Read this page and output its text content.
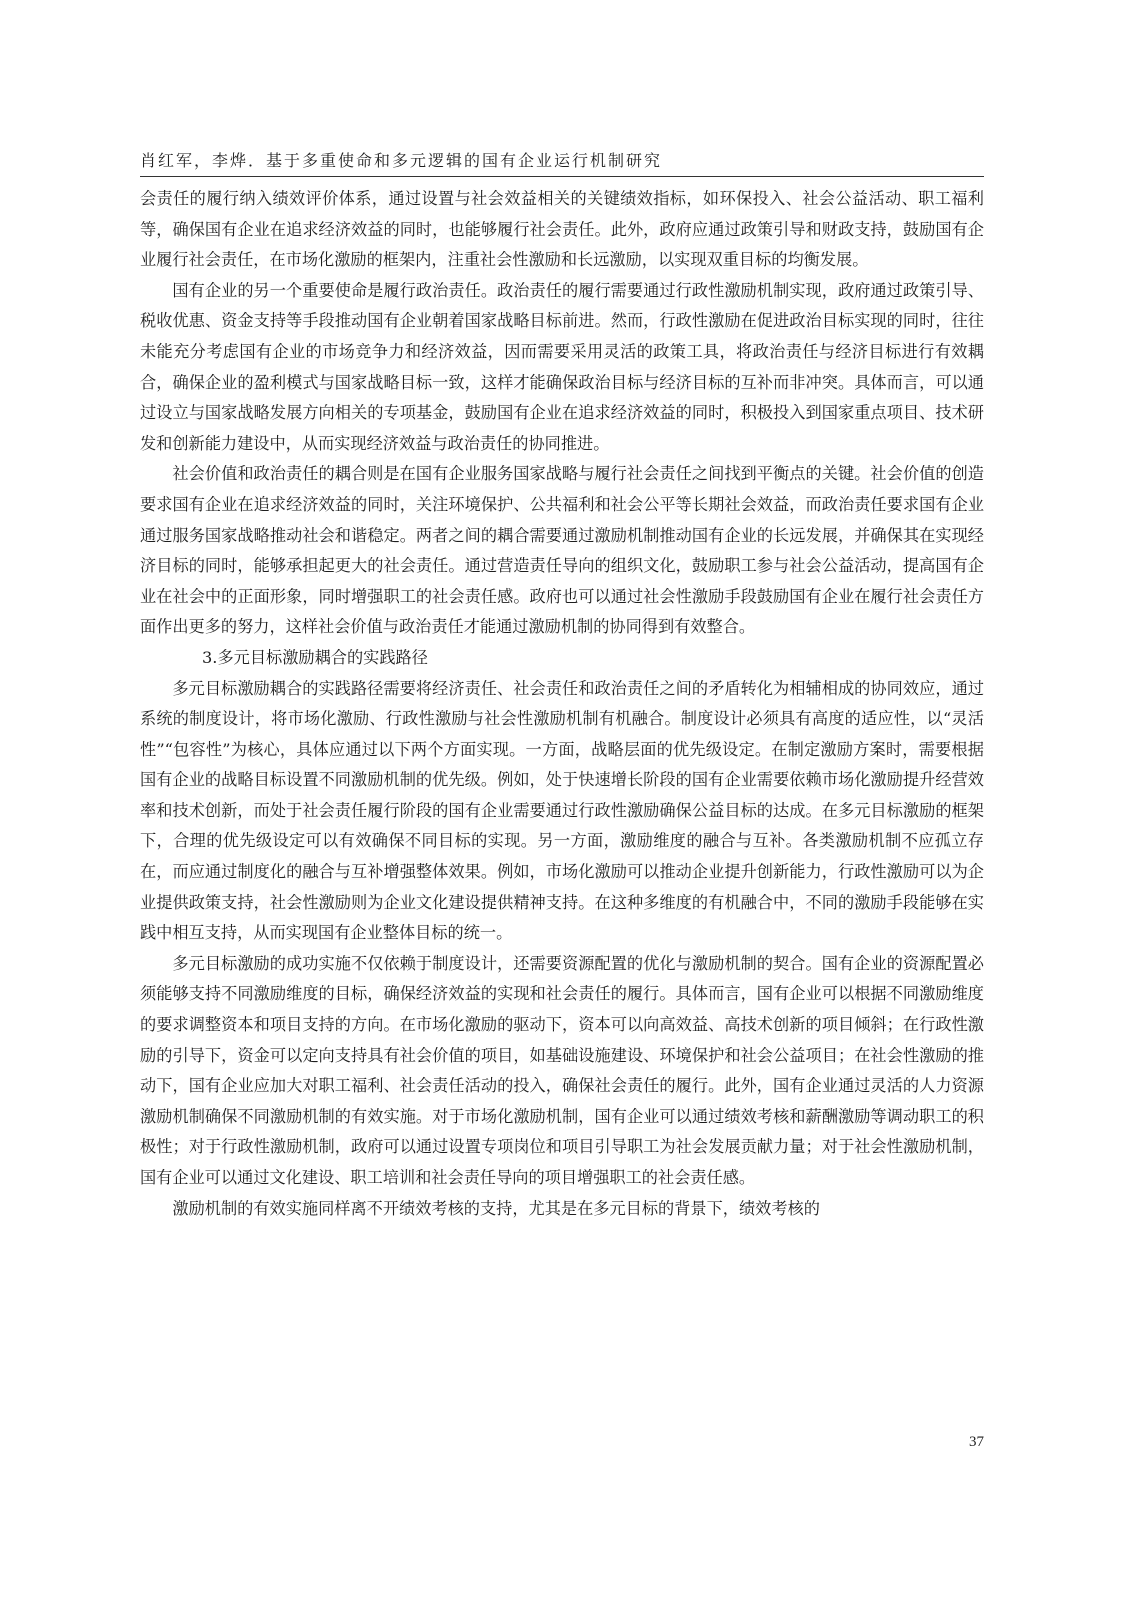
肖红军，李烨．基于多重使命和多元逻辑的国有企业运行机制研究

会责任的履行纳入绩效评价体系，通过设置与社会效益相关的关键绩效指标，如环保投入、社会公益活动、职工福利等，确保国有企业在追求经济效益的同时，也能够履行社会责任。此外，政府应通过政策引导和财政支持，鼓励国有企业履行社会责任，在市场化激励的框架内，注重社会性激励和长远激励，以实现双重目标的均衡发展。

国有企业的另一个重要使命是履行政治责任。政治责任的履行需要通过行政性激励机制实现，政府通过政策引导、税收优惠、资金支持等手段推动国有企业朝着国家战略目标前进。然而，行政性激励在促进政治目标实现的同时，往往未能充分考虑国有企业的市场竞争力和经济效益，因而需要采用灵活的政策工具，将政治责任与经济目标进行有效耦合，确保企业的盈利模式与国家战略目标一致，这样才能确保政治目标与经济目标的互补而非冲突。具体而言，可以通过设立与国家战略发展方向相关的专项基金，鼓励国有企业在追求经济效益的同时，积极投入到国家重点项目、技术研发和创新能力建设中，从而实现经济效益与政治责任的协同推进。

社会价值和政治责任的耦合则是在国有企业服务国家战略与履行社会责任之间找到平衡点的关键。社会价值的创造要求国有企业在追求经济效益的同时，关注环境保护、公共福利和社会公平等长期社会效益，而政治责任要求国有企业通过服务国家战略推动社会和谐稳定。两者之间的耦合需要通过激励机制推动国有企业的长远发展，并确保其在实现经济目标的同时，能够承担起更大的社会责任。通过营造责任导向的组织文化，鼓励职工参与社会公益活动，提高国有企业在社会中的正面形象，同时增强职工的社会责任感。政府也可以通过社会性激励手段鼓励国有企业在履行社会责任方面作出更多的努力，这样社会价值与政治责任才能通过激励机制的协同得到有效整合。

3.多元目标激励耦合的实践路径

多元目标激励耦合的实践路径需要将经济责任、社会责任和政治责任之间的矛盾转化为相辅相成的协同效应，通过系统的制度设计，将市场化激励、行政性激励与社会性激励机制有机融合。制度设计必须具有高度的适应性，以“灵活性”“包容性”为核心，具体应通过以下两个方面实现。一方面，战略层面的优先级设定。在制定激励方案时，需要根据国有企业的战略目标设置不同激励机制的优先级。例如，处于快速增长阶段的国有企业需要依赖市场化激励提升经营效率和技术创新，而处于社会责任履行阶段的国有企业需要通过行政性激励确保公益目标的达成。在多元目标激励的框架下，合理的优先级设定可以有效确保不同目标的实现。另一方面，激励维度的融合与互补。各类激励机制不应孤立存在，而应通过制度化的融合与互补增强整体效果。例如，市场化激励可以推动企业提升创新能力，行政性激励可以为企业提供政策支持，社会性激励则为企业文化建设提供精神支持。在这种多维度的有机融合中，不同的激励手段能够在实践中相互支持，从而实现国有企业整体目标的统一。

多元目标激励的成功实施不仅依赖于制度设计，还需要资源配置的优化与激励机制的契合。国有企业的资源配置必须能够支持不同激励维度的目标，确保经济效益的实现和社会责任的履行。具体而言，国有企业可以根据不同激励维度的要求调整资本和项目支持的方向。在市场化激励的驱动下，资本可以向高效益、高技术创新的项目倾斜；在行政性激励的引导下，资金可以定向支持具有社会价值的项目，如基础设施建设、环境保护和社会公益项目；在社会性激励的推动下，国有企业应加大对职工福利、社会责任活动的投入，确保社会责任的履行。此外，国有企业通过灵活的人力资源激励机制确保不同激励机制的有效实施。对于市场化激励机制，国有企业可以通过绩效考核和薪酬激励等调动职工的积极性；对于行政性激励机制，政府可以通过设置专项岗位和项目引导职工为社会发展贡献力量；对于社会性激励机制，国有企业可以通过文化建设、职工培训和社会责任导向的项目增强职工的社会责任感。

激励机制的有效实施同样离不开绩效考核的支持，尤其是在多元目标的背景下，绩效考核的

37
